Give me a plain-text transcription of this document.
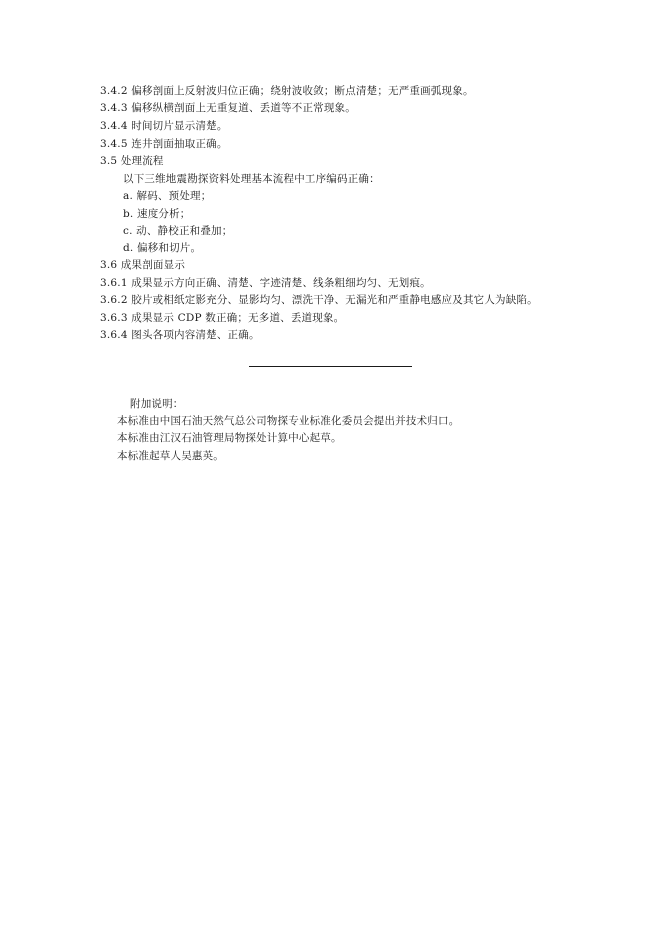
3.4.2 偏移剖面上反射波归位正确；绕射波收敛；断点清楚；无严重画弧现象。
3.4.3 偏移纵横剖面上无重复道、丢道等不正常现象。
3.4.4 时间切片显示清楚。
3.4.5 连井剖面抽取正确。
3.5 处理流程
以下三维地震勘探资料处理基本流程中工序编码正确：
a. 解码、预处理；
b. 速度分析；
c. 动、静校正和叠加；
d. 偏移和切片。
3.6 成果剖面显示
3.6.1 成果显示方向正确、清楚、字迹清楚、线条粗细均匀、无划痕。
3.6.2 胶片或相纸定影充分、显影均匀、漂洗干净、无漏光和严重静电感应及其它人为缺陷。
3.6.3 成果显示 CDP 数正确；无多道、丢道现象。
3.6.4 图头各项内容清楚、正确。
附加说明：
本标准由中国石油天然气总公司物探专业标准化委员会提出并技术归口。
本标准由江汉石油管理局物探处计算中心起草。
本标准起草人吴惠英。
